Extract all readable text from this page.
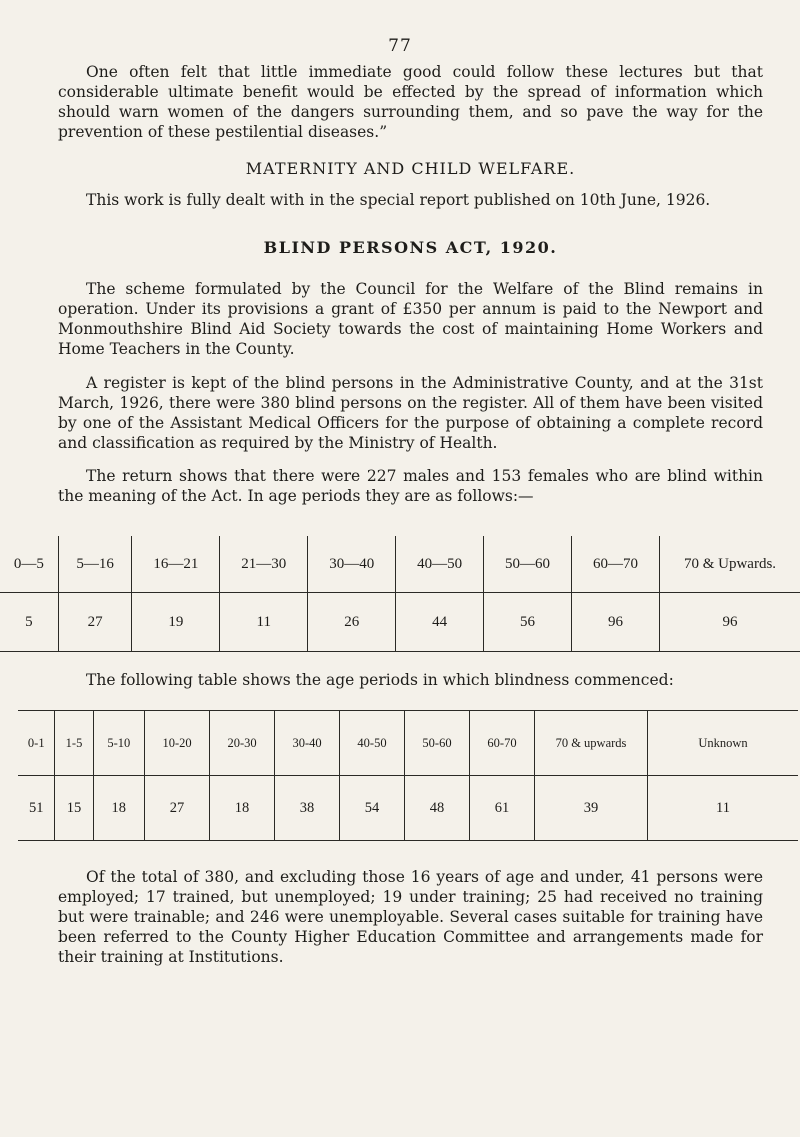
77

One often felt that little immediate good could follow these lectures but that considerable ultimate benefit would be effected by the spread of information which should warn women of the dangers surrounding them, and so pave the way for the prevention of these pestilential diseases.”

MATERNITY AND CHILD WELFARE.

This work is fully dealt with in the special report published on 10th June, 1926.

BLIND PERSONS ACT, 1920.

The scheme formulated by the Council for the Welfare of the Blind remains in operation. Under its provisions a grant of £350 per annum is paid to the Newport and Monmouthshire Blind Aid Society towards the cost of maintaining Home Workers and Home Teachers in the County.

A register is kept of the blind persons in the Administrative County, and at the 31st March, 1926, there were 380 blind persons on the register. All of them have been visited by one of the Assistant Medical Officers for the purpose of obtaining a complete record and classification as required by the Ministry of Health.

The return shows that there were 227 males and 153 females who are blind within the meaning of the Act. In age periods they are as follows:—

0—5	5—16	16—21	21—30	30—40	40—50	50—60	60—70	70 & Upwards.
5	27	19	11	26	44	56	96	96

The following table shows the age periods in which blindness commenced:

0-1	1-5	5-10	10-20	20-30	30-40	40-50	50-60	60-70	70 & upwards	Unknown
51	15	18	27	18	38	54	48	61	39	11

Of the total of 380, and excluding those 16 years of age and under, 41 persons were employed; 17 trained, but unemployed; 19 under training; 25 had received no training but were trainable; and 246 were unemployable. Several cases suitable for training have been referred to the County Higher Education Committee and arrangements made for their training at Institutions.
